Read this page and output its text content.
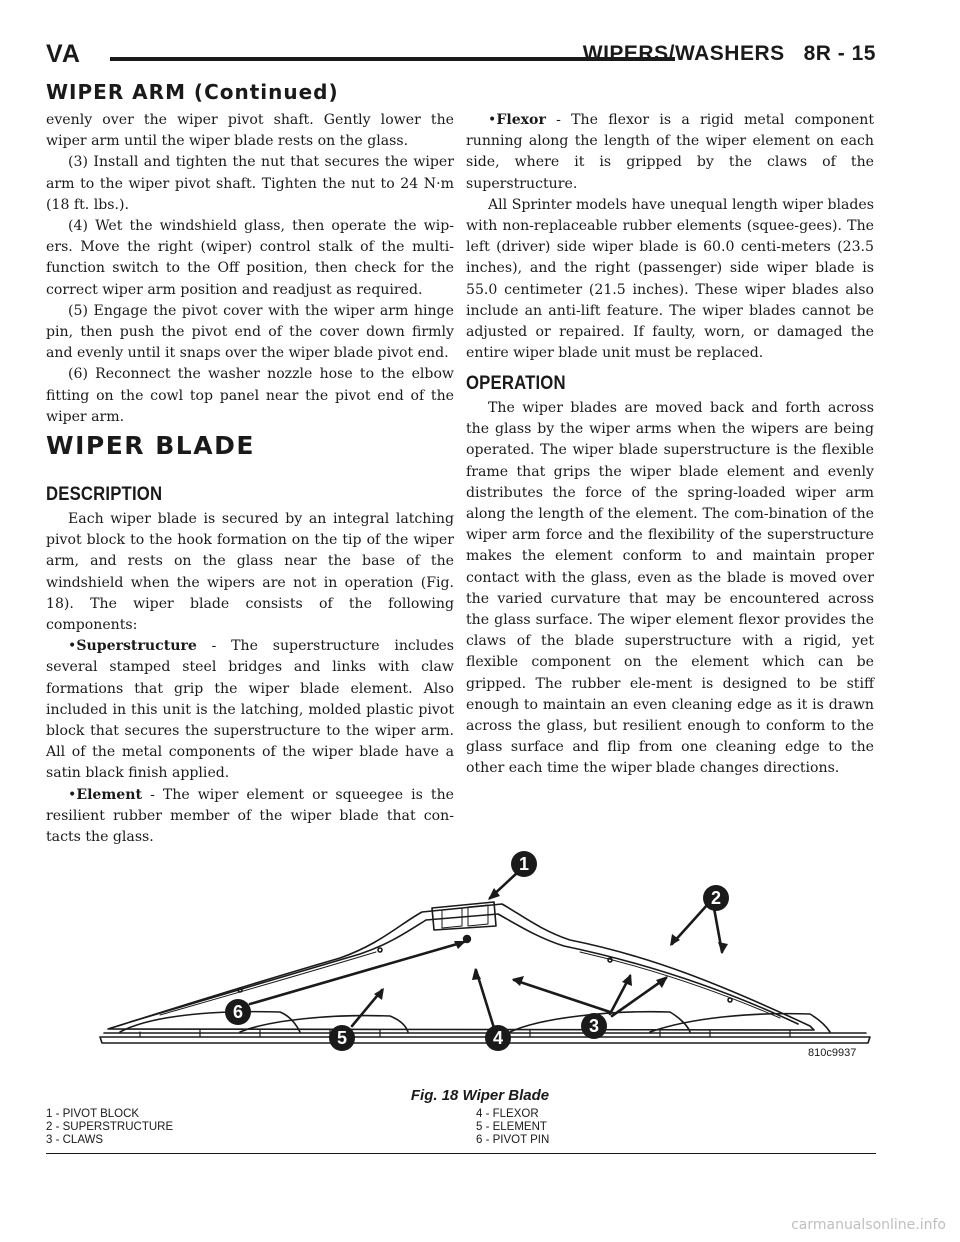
VA	WIPERS/WASHERS   8R - 15
WIPER ARM (Continued)

evenly over the wiper pivot shaft. Gently lower the wiper arm until the wiper blade rests on the glass.

(3) Install and tighten the nut that secures the wiper arm to the wiper pivot shaft. Tighten the nut to 24 N·m (18 ft. lbs.).

(4) Wet the windshield glass, then operate the wip-ers. Move the right (wiper) control stalk of the multi-function switch to the Off position, then check for the correct wiper arm position and readjust as required.

(5) Engage the pivot cover with the wiper arm hinge pin, then push the pivot end of the cover down firmly and evenly until it snaps over the wiper blade pivot end.

(6) Reconnect the washer nozzle hose to the elbow fitting on the cowl top panel near the pivot end of the wiper arm.

WIPER BLADE
DESCRIPTION

Each wiper blade is secured by an integral latching pivot block to the hook formation on the tip of the wiper arm, and rests on the glass near the base of the windshield when the wipers are not in operation (Fig. 18). The wiper blade consists of the following components:

•Superstructure - The superstructure includes several stamped steel bridges and links with claw formations that grip the wiper blade element. Also included in this unit is the latching, molded plastic pivot block that secures the superstructure to the wiper arm. All of the metal components of the wiper blade have a satin black finish applied.

•Element - The wiper element or squeegee is the resilient rubber member of the wiper blade that con-tacts the glass.

•Flexor - The flexor is a rigid metal component running along the length of the wiper element on each side, where it is gripped by the claws of the superstructure.

All Sprinter models have unequal length wiper blades with non-replaceable rubber elements (squee-gees). The left (driver) side wiper blade is 60.0 centi-meters (23.5 inches), and the right (passenger) side wiper blade is 55.0 centimeter (21.5 inches). These wiper blades also include an anti-lift feature. The wiper blades cannot be adjusted or repaired. If faulty, worn, or damaged the entire wiper blade unit must be replaced.

OPERATION

The wiper blades are moved back and forth across the glass by the wiper arms when the wipers are being operated. The wiper blade superstructure is the flexible frame that grips the wiper blade element and evenly distributes the force of the spring-loaded wiper arm along the length of the element. The com-bination of the wiper arm force and the flexibility of the superstructure makes the element conform to and maintain proper contact with the glass, even as the blade is moved over the varied curvature that may be encountered across the glass surface. The wiper element flexor provides the claws of the blade superstructure with a rigid, yet flexible component on the element which can be gripped. The rubber ele-ment is designed to be stiff enough to maintain an even cleaning edge as it is drawn across the glass, but resilient enough to conform to the glass surface and flip from one cleaning edge to the other each time the wiper blade changes directions.

1
2
3
4
5
6
810c9937
Fig. 18 Wiper Blade
1 - PIVOT BLOCK
2 - SUPERSTRUCTURE
3 - CLAWS
4 - FLEXOR
5 - ELEMENT
6 - PIVOT PIN
carmanualsonline.info
